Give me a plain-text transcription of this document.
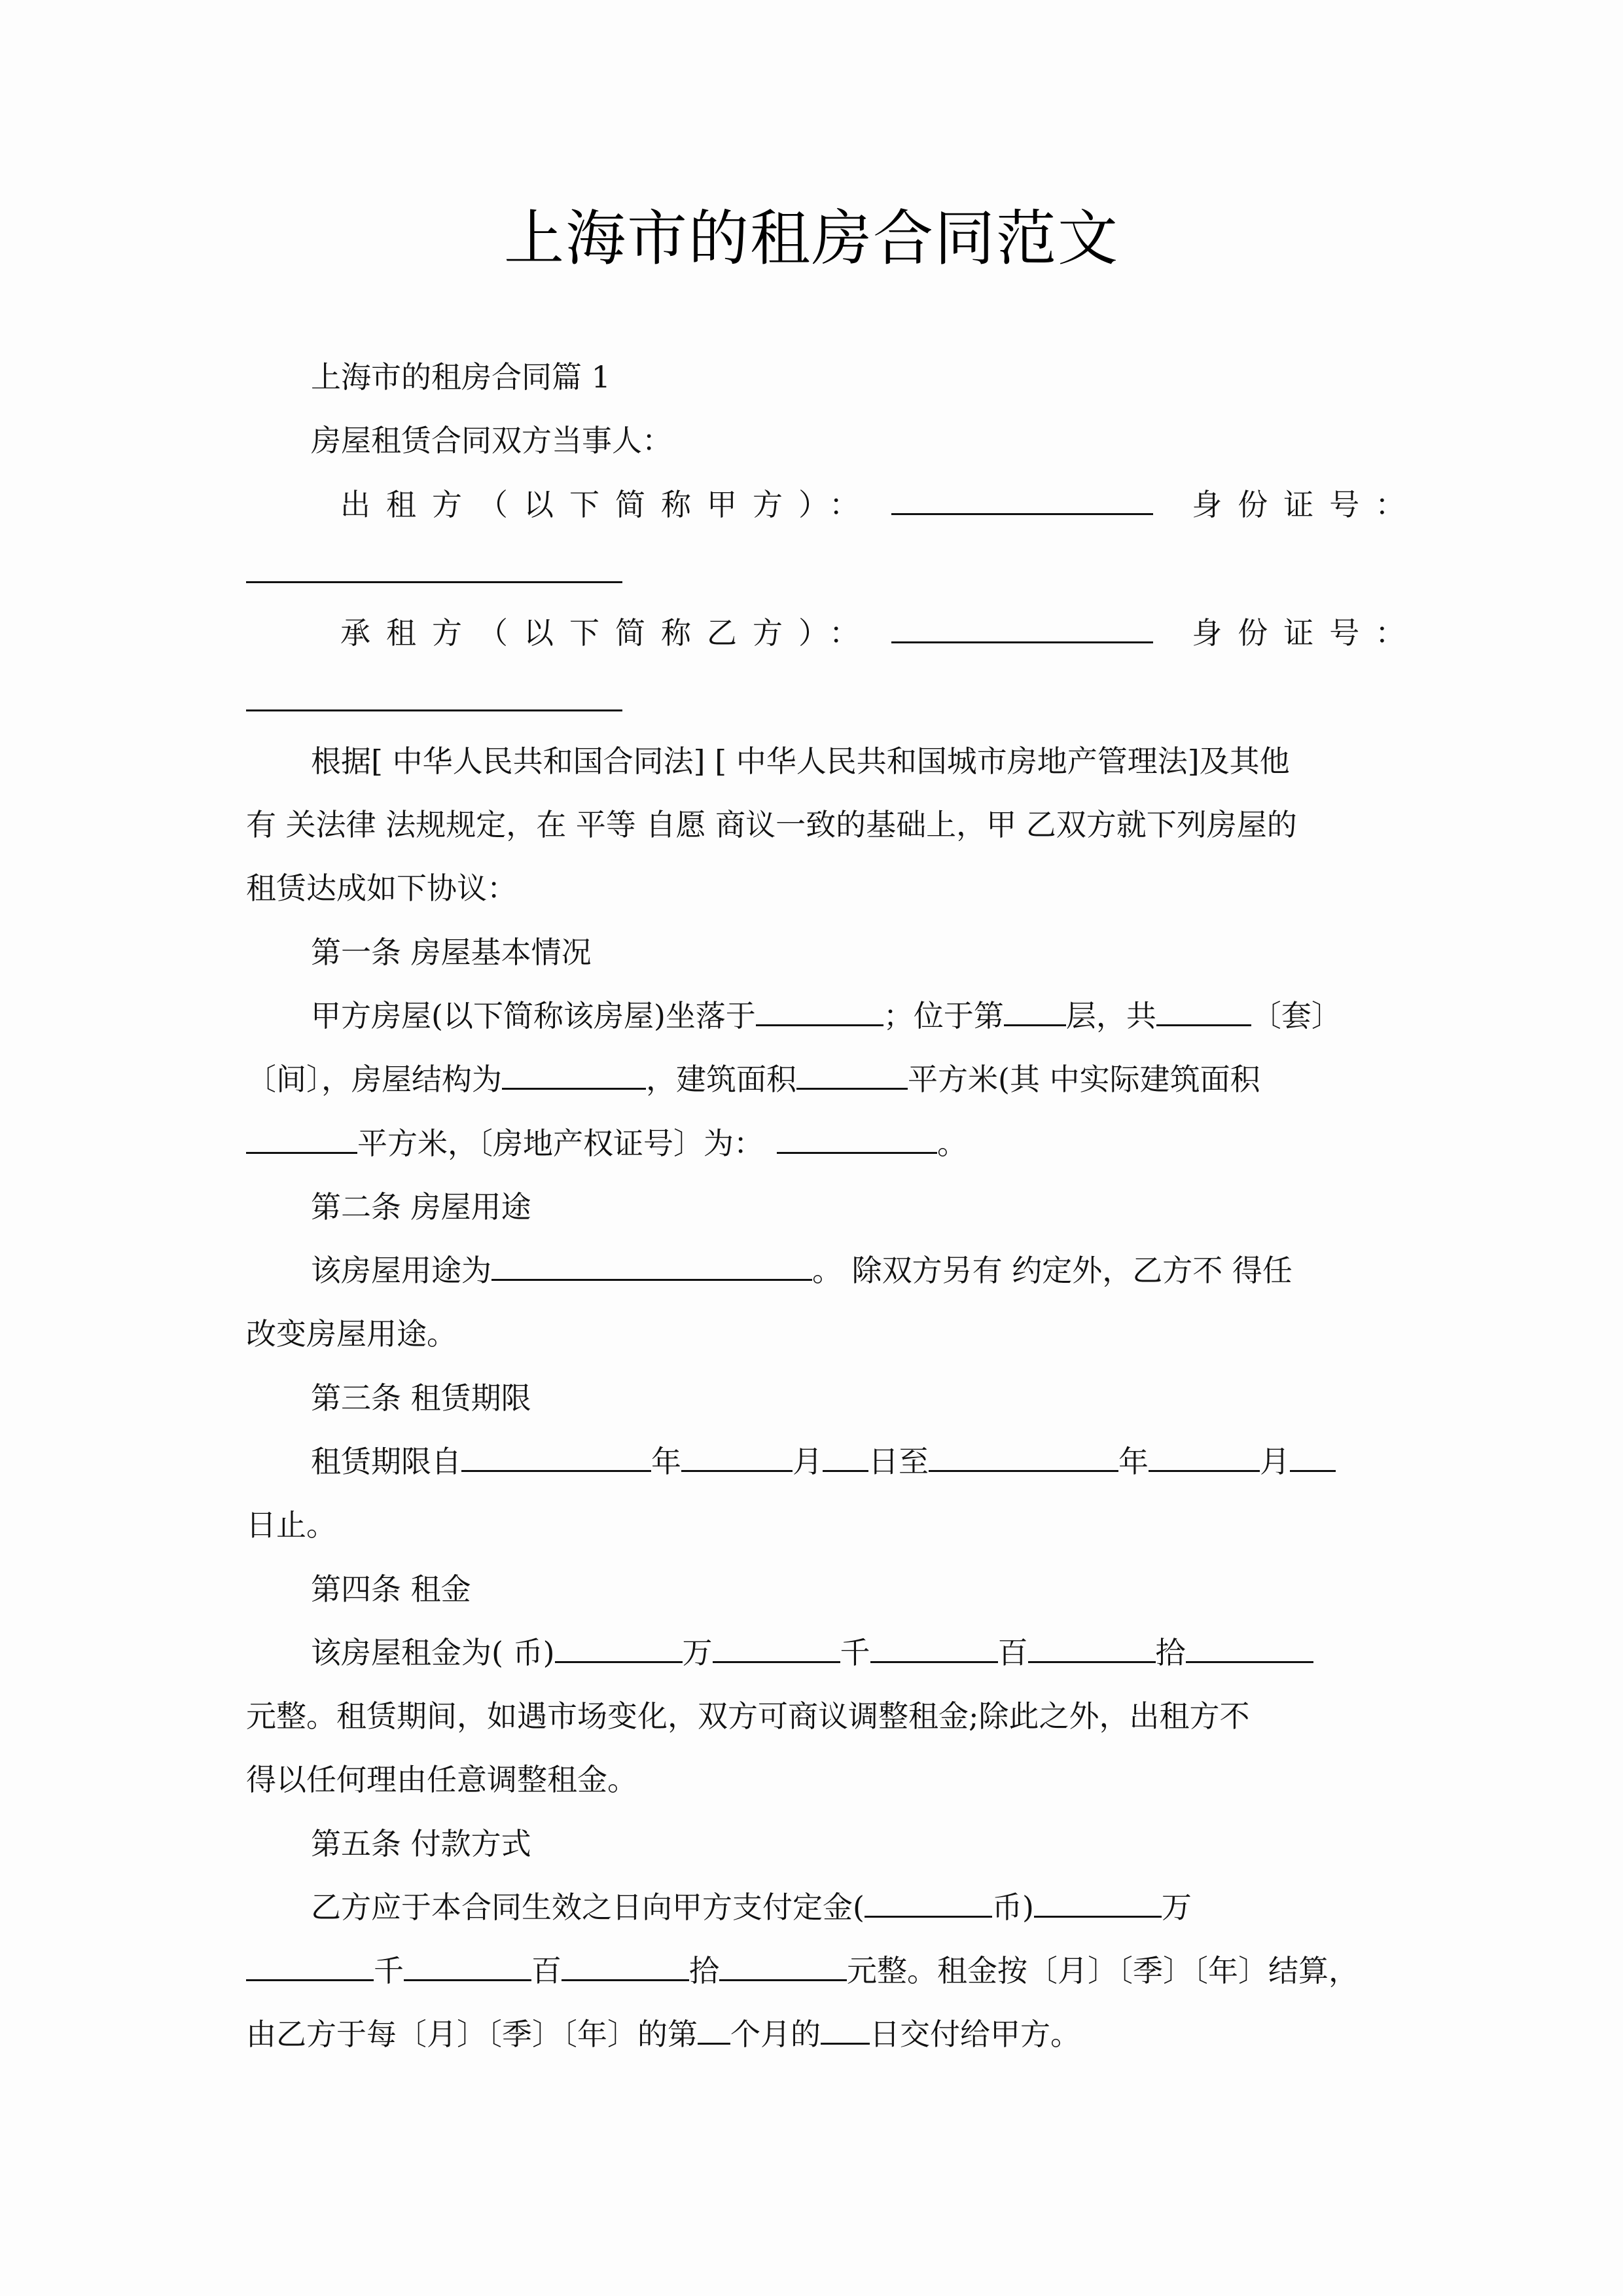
上海市的租房合同范文
上海市的租房合同篇 1
房屋租赁合同双方当事人：
出租方（以下简称甲方）：	身份证号：
承租方（以下简称乙方）：	身份证号：
根据[ 中华人民共和国合同法] [ 中华人民共和国城市房地产管理法]及其他
有 关法律 法规规定，在 平等 自愿 商议一致的基础上，甲 乙双方就下列房屋的
租赁达成如下协议：
第一条 房屋基本情况
甲方房屋(以下简称该房屋)坐落于	；位于第 层，共	〔套〕
〔间〕，房屋结构为	，建筑面积	平方米(其 中实际建筑面积
平方米，〔房地产权证号〕为：	。
第二条 房屋用途
该房屋用途为	。 除双方另有 约定外，乙方不 得任
改变房屋用途。
第三条 租赁期限
租赁期限自	年	月 日至	年	月
日止。
第四条 租金
该房屋租金为( 币)	万	千	百	拾
元整。租赁期间，如遇市场变化，双方可商议调整租金;除此之外，出租方不
得以任何理由任意调整租金。
第五条 付款方式
乙方应于本合同生效之日向甲方支付定金(	币)	万
千	百	拾	元整。租金按〔月〕〔季〕〔年〕结算，
由乙方于每〔月〕〔季〕〔年〕的第 个月的 日交付给甲方。
